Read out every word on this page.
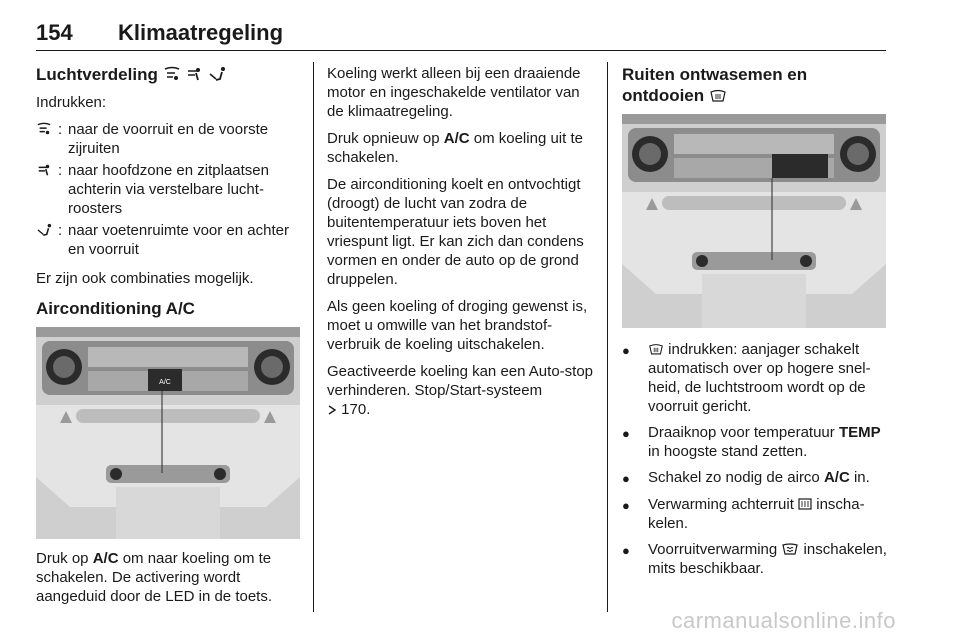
154 Klimaatregeling
Luchtverdeling

Indrukken:

: naar de voorruit en de voorste zijruiten
: naar hoofdzone en zitplaatsen achterin via verstelbare luchtroosters
: naar voetenruimte voor en achter en voorruit

Er zijn ook combinaties mogelijk.

Airconditioning A/C
A/C

Druk op A/C om naar koeling om te schakelen. De activering wordt aangeduid door de LED in de toets.

Koeling werkt alleen bij een draaiende motor en ingeschakelde ventilator van de klimaatregeling.

Druk opnieuw op A/C om koeling uit te schakelen.

De airconditioning koelt en ontvochtigt (droogt) de lucht van zodra de buitentemperatuur iets boven het vriespunt ligt. Er kan zich dan condens vormen en onder de auto op de grond druppelen.

Als geen koeling of droging gewenst is, moet u omwille van het brandstofverbruik de koeling uitschakelen.

Geactiveerde koeling kan een Auto-stop verhinderen. Stop/Start-systeem
170.

Ruiten ontwasemen en ontdooien
●	indrukken: aanjager schakelt automatisch over op hogere snelheid, de luchtstroom wordt op de voorruit gericht.
●	Draaiknop voor temperatuur TEMP in hoogste stand zetten.
●	Schakel zo nodig de airco A/C in.
●	Verwarming achterruit  inschakelen.
●	Voorruitverwarming  inschakelen, mits beschikbaar.
carmanualsonline.info
